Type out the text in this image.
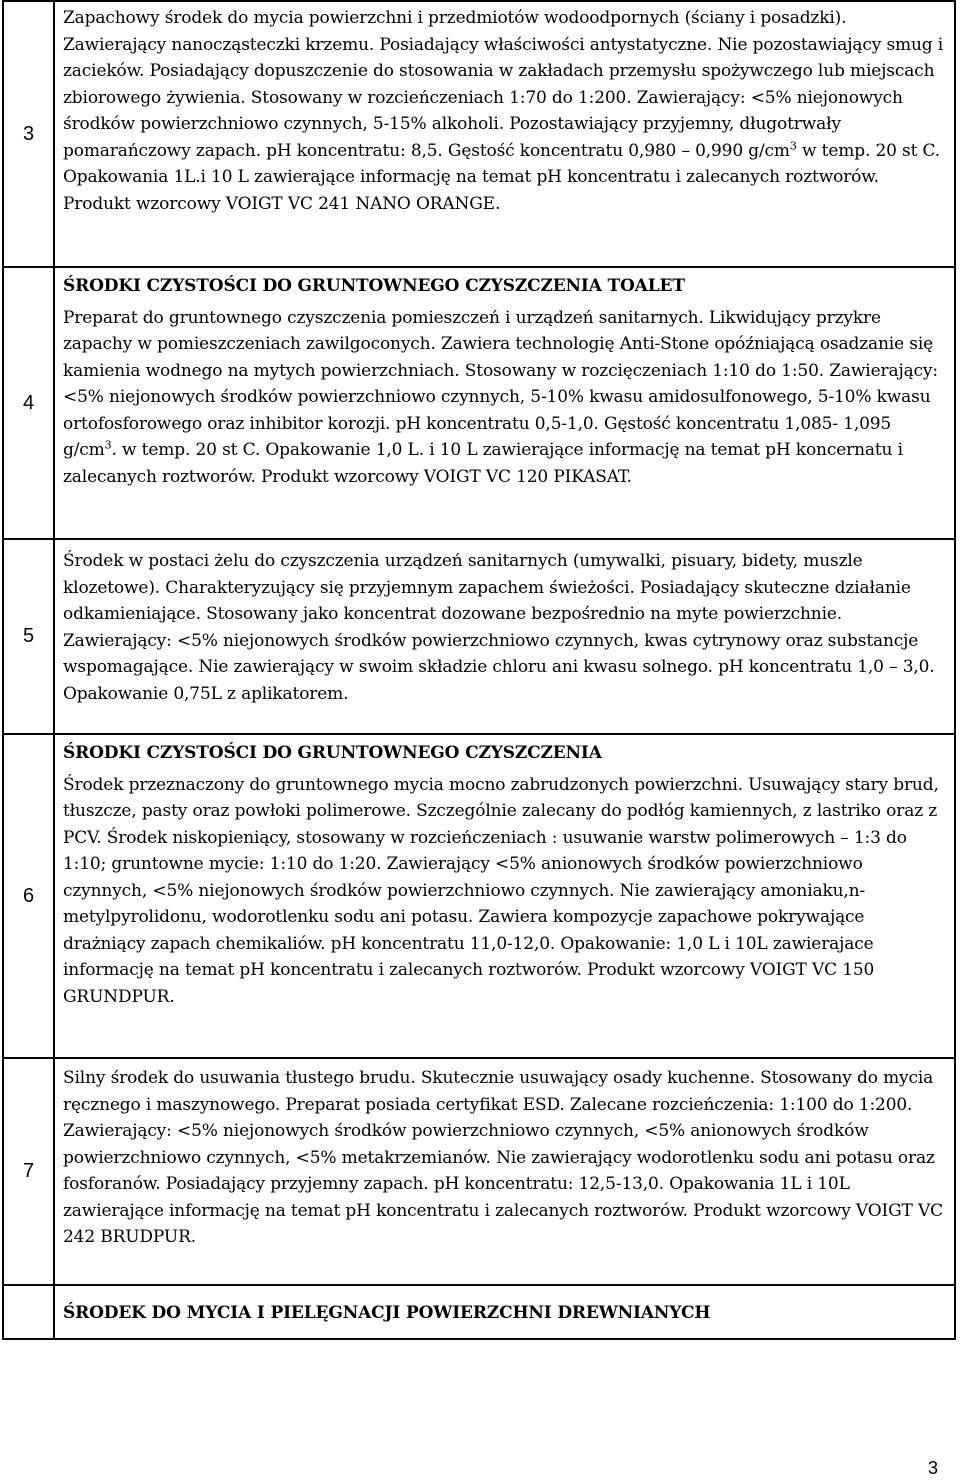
3	Zapachowy środek do mycia powierzchni i przedmiotów wodoodpornych (ściany i posadzki). Zawierający nanocząsteczki krzemu. Posiadający właściwości antystatyczne. Nie pozostawiający smug i zacieków. Posiadający dopuszczenie do stosowania w zakładach przemysłu spożywczego lub miejscach zbiorowego żywienia. Stosowany w rozcieńczeniach 1:70 do 1:200. Zawierający: <5% niejonowych środków powierzchniowo czynnych, 5-15% alkoholi. Pozostawiający przyjemny, długotrwały pomarańczowy zapach. pH koncentratu: 8,5. Gęstość koncentratu 0,980 – 0,990 $g/cm^3$ w temp. 20 st C. Opakowania 1L.i 10 L zawierające informację na temat pH koncentratu i zalecanych roztworów. Produkt wzorcowy VOIGT VC 241 NANO ORANGE.

4	ŚRODKI CZYSTOŚCI DO GRUNTOWNEGO CZYSZCZENIA TOALET

Preparat do gruntownego czyszczenia pomieszczeń i urządzeń sanitarnych. Likwidujący przykre zapachy w pomieszczeniach zawilgoconych. Zawiera technologię Anti-Stone opóźniającą osadzanie się kamienia wodnego na mytych powierzchniach. Stosowany w rozcięczeniach 1:10 do 1:50. Zawierający:<5% niejonowych środków powierzchniowo czynnych, 5-10% kwasu amidosulfonowego, 5-10% kwasu ortofosforowego oraz inhibitor korozji. pH koncentratu 0,5-1,0. Gęstość koncentratu 1,085- 1,095 $g/cm^3$. w temp. 20 st C. Opakowanie 1,0 L. i 10 L zawierające informację na temat pH koncernatu i zalecanych roztworów. Produkt wzorcowy VOIGT VC 120 PIKASAT.

5	Środek w postaci żelu do czyszczenia urządzeń sanitarnych (umywalki, pisuary, bidety, muszle klozetowe). Charakteryzujący się przyjemnym zapachem świeżości. Posiadający skuteczne działanie odkamieniające. Stosowany jako koncentrat dozowane bezpośrednio na myte powierzchnie. Zawierający: <5% niejonowych środków powierzchniowo czynnych, kwas cytrynowy oraz substancje wspomagające. Nie zawierający w swoim składzie chloru ani kwasu solnego. pH koncentratu 1,0 – 3,0. Opakowanie 0,75L z aplikatorem.

6	ŚRODKI CZYSTOŚCI DO GRUNTOWNEGO CZYSZCZENIA

Środek przeznaczony do gruntownego mycia mocno zabrudzonych powierzchni. Usuwający stary brud, tłuszcze, pasty oraz powłoki polimerowe. Szczególnie zalecany do podłóg kamiennych, z lastriko oraz z PCV. Środek niskopieniący, stosowany w rozcieńczeniach : usuwanie warstw polimerowych – 1:3 do 1:10; gruntowne mycie: 1:10 do 1:20. Zawierający <5% anionowych środków powierzchniowo czynnych, <5% niejonowych środków powierzchniowo czynnych. Nie zawierający amoniaku,n-metylpyrolidonu, wodorotlenku sodu ani potasu. Zawiera kompozycje zapachowe pokrywające drażniący zapach chemikaliów. pH koncentratu 11,0-12,0. Opakowanie: 1,0 L i 10L zawierajace informację na temat pH koncentratu i zalecanych roztworów. Produkt wzorcowy VOIGT VC 150 GRUNDPUR.

7	Silny środek do usuwania tłustego brudu. Skutecznie usuwający osady kuchenne. Stosowany do mycia ręcznego i maszynowego. Preparat posiada certyfikat ESD. Zalecane rozcieńczenia: 1:100 do 1:200. Zawierający: <5% niejonowych środków powierzchniowo czynnych, <5% anionowych środków powierzchniowo czynnych, <5% metakrzemianów. Nie zawierający wodorotlenku sodu ani potasu oraz fosforanów. Posiadający przyjemny zapach. pH koncentratu: 12,5-13,0. Opakowania 1L i 10L zawierające informację na temat pH koncentratu i zalecanych roztworów. Produkt wzorcowy VOIGT VC 242 BRUDPUR.

	ŚRODEK DO MYCIA I PIELĘGNACJI POWIERZCHNI DREWNIANYCH

3
